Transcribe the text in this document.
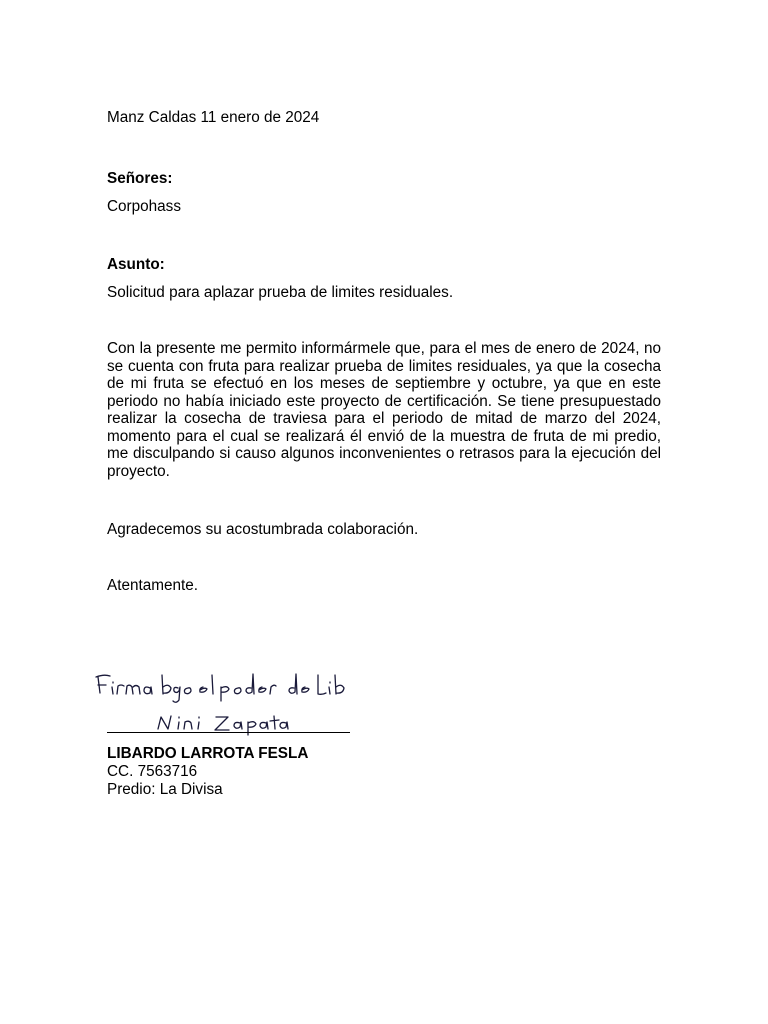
Manz Caldas 11 enero de 2024
Señores:
Corpohass
Asunto:
Solicitud para aplazar prueba de limites residuales.

Con la presente me permito informármele que, para el mes de enero de 2024, no se cuenta con fruta para realizar prueba de limites residuales, ya que la cosecha de mi fruta se efectuó en los meses de septiembre y octubre, ya que en este periodo no había iniciado este proyecto de certificación. Se tiene presupuestado realizar la cosecha de traviesa para el periodo de mitad de marzo del 2024, momento para el cual se realizará él envió de la muestra de fruta de mi predio, me disculpando si causo algunos inconvenientes o retrasos para la ejecución del proyecto.

Agradecemos su acostumbrada colaboración.
Atentamente.
LIBARDO LARROTA FESLA
CC. 7563716
Predio: La Divisa
